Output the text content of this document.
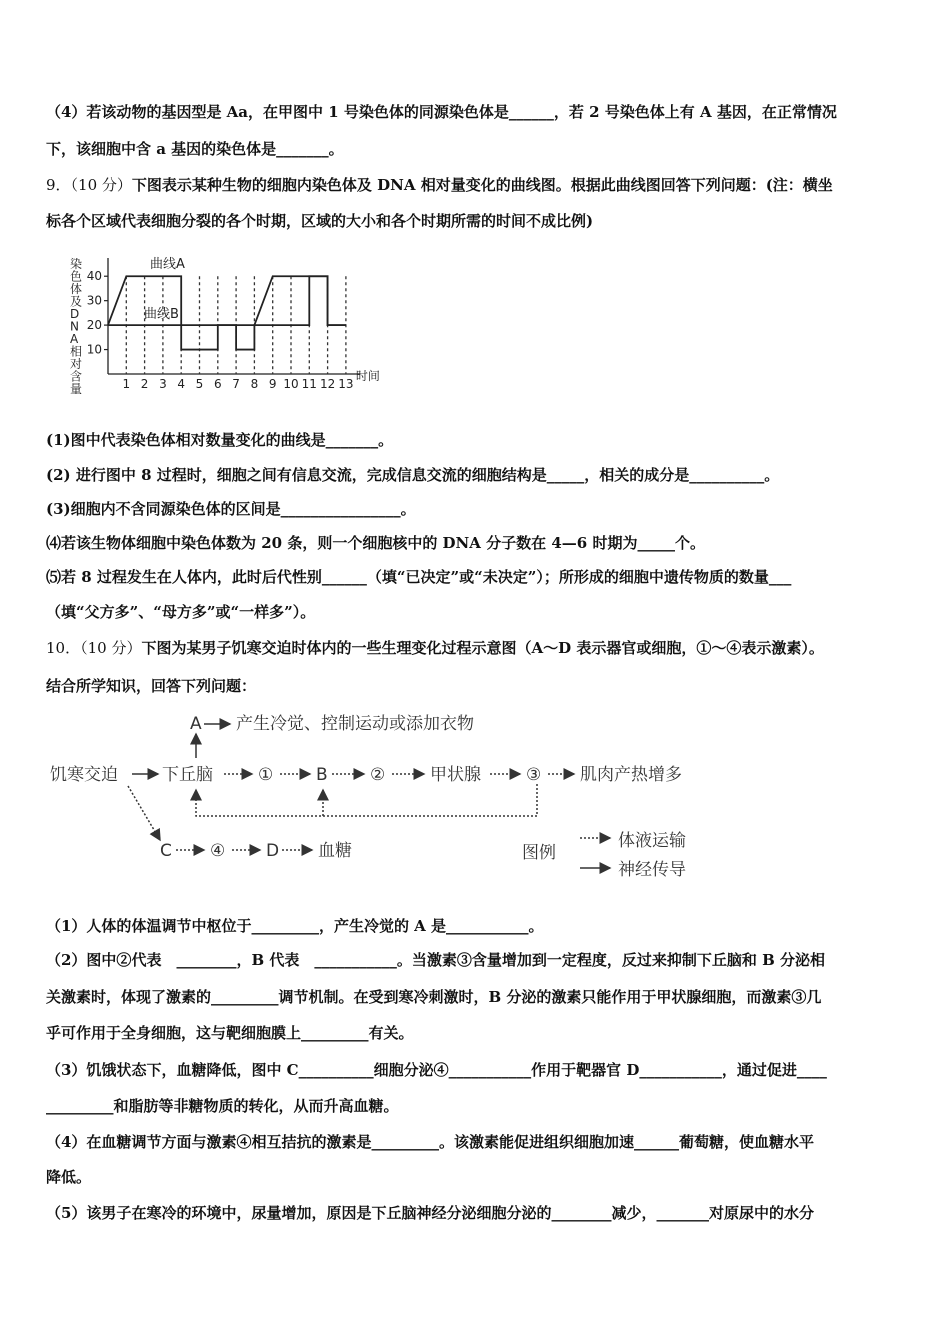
（4）若该动物的基因型是 Aa，在甲图中 1 号染色体的同源染色体是______，若 2 号染色体上有 A 基因，在正常情况
下，该细胞中含 a 基因的染色体是_______。
9．（10 分）下图表示某种生物的细胞内染色体及 DNA 相对量变化的曲线图。根据此曲线图回答下列问题：(注：横坐
标各个区域代表细胞分裂的各个时期，区域的大小和各个时期所需的时间不成比例)
染
色
体
及
D
N
A
相
对
含
量
10
20
30
40
1 2 3 4 5 6 7 8 9 10 11 12 13
时间
曲线A
曲线B
(1)图中代表染色体相对数量变化的曲线是_______。
(2) 进行图中 8 过程时，细胞之间有信息交流，完成信息交流的细胞结构是_____，相关的成分是__________。
(3)细胞内不含同源染色体的区间是________________。
⑷若该生物体细胞中染色体数为 20 条，则一个细胞核中的 DNA 分子数在 4—6 时期为_____个。
⑸若 8 过程发生在人体内，此时后代性别______（填“已决定”或“未决定”）；所形成的细胞中遗传物质的数量___
（填“父方多”、“母方多”或“一样多”）。
10．（10 分）下图为某男子饥寒交迫时体内的一些生理变化过程示意图（A～D 表示器官或细胞，①～④表示激素）。
结合所学知识，回答下列问题：
A 产生冷觉、控制运动或添加衣物
饥寒交迫	下丘脑	①	B ②	甲状腺	③ 肌肉产热增多
C ④ D 血糖	图例
体液运输
神经传导
（1）人体的体温调节中枢位于_________，产生冷觉的 A 是___________。
（2）图中②代表　________，B 代表　___________。当激素③含量增加到一定程度，反过来抑制下丘脑和 B 分泌相
关激素时，体现了激素的_________调节机制。在受到寒冷刺激时，B 分泌的激素只能作用于甲状腺细胞，而激素③几
乎可作用于全身细胞，这与靶细胞膜上_________有关。
（3）饥饿状态下，血糖降低，图中 C__________细胞分泌④___________作用于靶器官 D___________，通过促进____
_________和脂肪等非糖物质的转化，从而升高血糖。
（4）在血糖调节方面与激素④相互拮抗的激素是_________。该激素能促进组织细胞加速______葡萄糖，使血糖水平
降低。
（5）该男子在寒冷的环境中，尿量增加，原因是下丘脑神经分泌细胞分泌的________减少，_______对原尿中的水分
